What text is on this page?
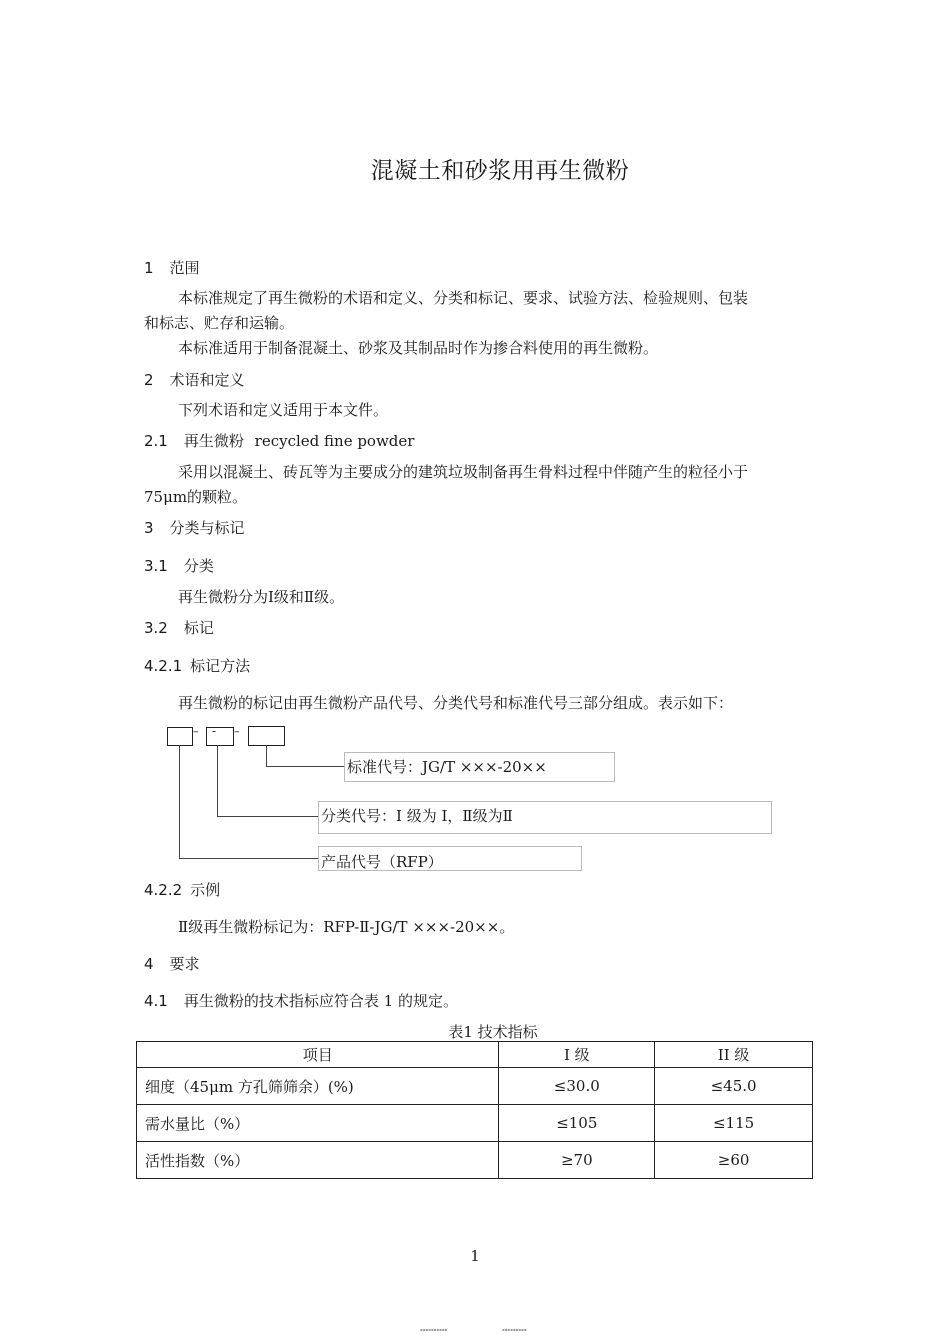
混凝土和砂浆用再生微粉
1 范围
本标准规定了再生微粉的术语和定义、分类和标记、要求、试验方法、检验规则、包装
和标志、贮存和运输。
本标准适用于制备混凝土、砂浆及其制品时作为掺合料使用的再生微粉。
2 术语和定义
下列术语和定义适用于本文件。
2.1 再生微粉 recycled fine powder
采用以混凝土、砖瓦等为主要成分的建筑垃圾制备再生骨料过程中伴随产生的粒径小于
75μm的颗粒。
3 分类与标记
3.1 分类
再生微粉分为I级和Ⅱ级。
3.2 标记
4.2.1 标记方法
再生微粉的标记由再生微粉产品代号、分类代号和标准代号三部分组成。表示如下：
– - –
标准代号：JG/T ×××-20××
分类代号：I 级为 I，Ⅱ级为Ⅱ
产品代号（RFP）
4.2.2 示例
Ⅱ级再生微粉标记为：RFP-Ⅱ-JG/T ×××-20××。
4 要求
4.1 再生微粉的技术指标应符合表 1 的规定。
表1 技术指标
项目	I 级	II 级
细度（45μm 方孔筛筛余）(%)	≤30.0	≤45.0
需水量比（%）	≤105	≤115
活性指数（%）	≥70	≥60
1
▪▪▪▪▪▪▪▪▪▪	▪▪▪▪▪▪▪▪▪
